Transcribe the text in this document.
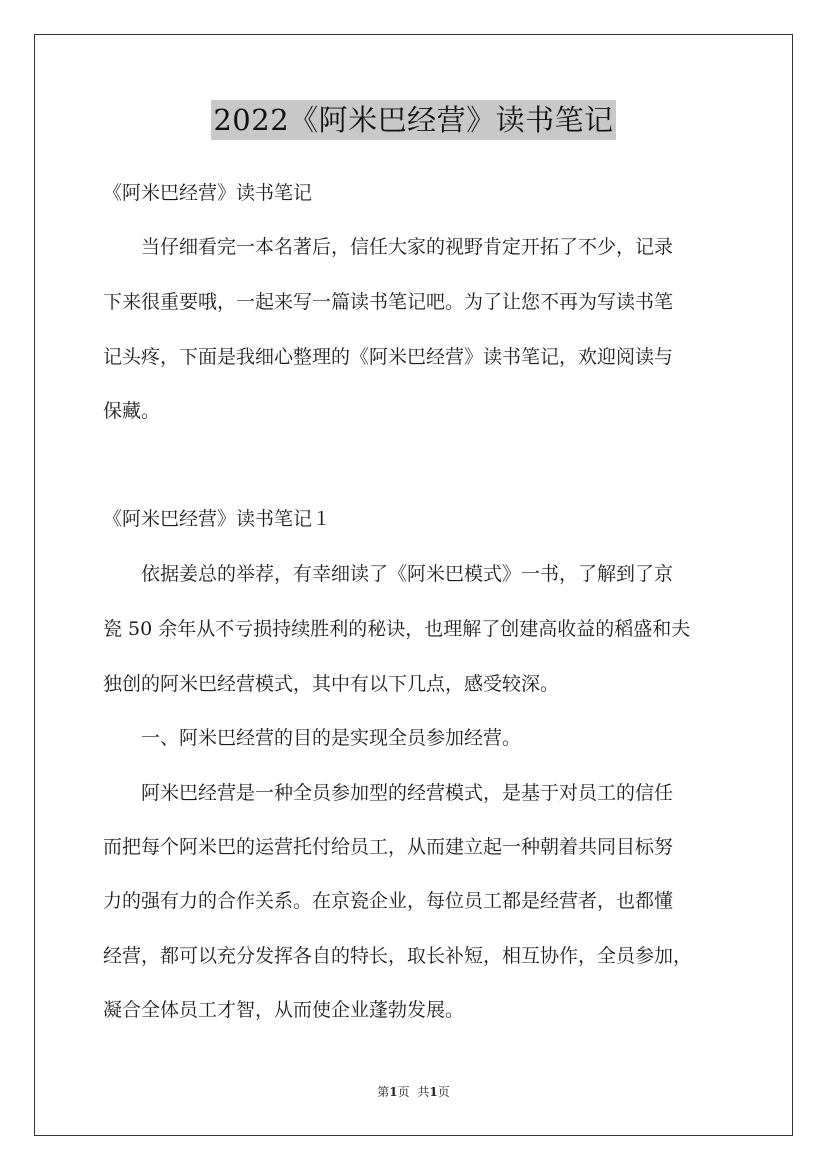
2022《阿米巴经营》读书笔记
《阿米巴经营》读书笔记
　　当仔细看完一本名著后，信任大家的视野肯定开拓了不少，记录
下来很重要哦，一起来写一篇读书笔记吧。为了让您不再为写读书笔
记头疼，下面是我细心整理的《阿米巴经营》读书笔记，欢迎阅读与
保藏。
《阿米巴经营》读书笔记１
　　依据姜总的举荐，有幸细读了《阿米巴模式》一书，了解到了京
瓷 50 余年从不亏损持续胜利的秘诀，也理解了创建高收益的稻盛和夫
独创的阿米巴经营模式，其中有以下几点，感受较深。
　　一、阿米巴经营的目的是实现全员参加经营。
　　阿米巴经营是一种全员参加型的经营模式，是基于对员工的信任
而把每个阿米巴的运营托付给员工，从而建立起一种朝着共同目标努
力的强有力的合作关系。在京瓷企业，每位员工都是经营者，也都懂
经营，都可以充分发挥各自的特长，取长补短，相互协作，全员参加，
凝合全体员工才智，从而使企业蓬勃发展。
第1页 共1页
